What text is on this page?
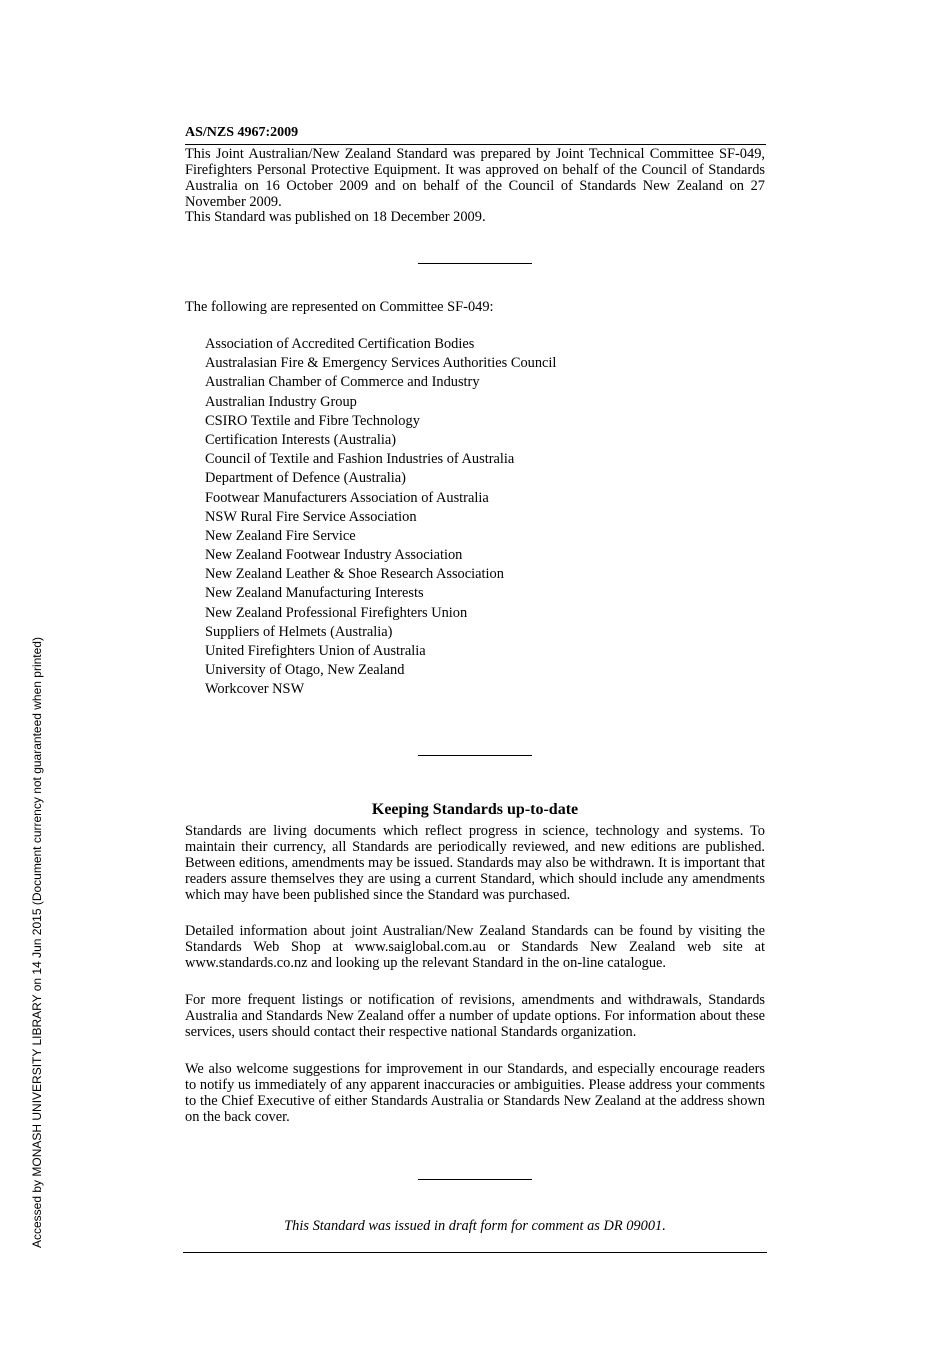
AS/NZS 4967:2009
This Joint Australian/New Zealand Standard was prepared by Joint Technical Committee SF-049, Firefighters Personal Protective Equipment. It was approved on behalf of the Council of Standards Australia on 16 October 2009 and on behalf of the Council of Standards New Zealand on 27 November 2009.
This Standard was published on 18 December 2009.
The following are represented on Committee SF-049:
Association of Accredited Certification Bodies
Australasian Fire & Emergency Services Authorities Council
Australian Chamber of Commerce and Industry
Australian Industry Group
CSIRO Textile and Fibre Technology
Certification Interests (Australia)
Council of Textile and Fashion Industries of Australia
Department of Defence (Australia)
Footwear Manufacturers Association of Australia
NSW Rural Fire Service Association
New Zealand Fire Service
New Zealand Footwear Industry Association
New Zealand Leather & Shoe Research Association
New Zealand Manufacturing Interests
New Zealand Professional Firefighters Union
Suppliers of Helmets (Australia)
United Firefighters Union of Australia
University of Otago, New Zealand
Workcover NSW
Keeping Standards up-to-date
Standards are living documents which reflect progress in science, technology and systems. To maintain their currency, all Standards are periodically reviewed, and new editions are published. Between editions, amendments may be issued. Standards may also be withdrawn. It is important that readers assure themselves they are using a current Standard, which should include any amendments which may have been published since the Standard was purchased.
Detailed information about joint Australian/New Zealand Standards can be found by visiting the Standards Web Shop at www.saiglobal.com.au or Standards New Zealand web site at www.standards.co.nz and looking up the relevant Standard in the on-line catalogue.
For more frequent listings or notification of revisions, amendments and withdrawals, Standards Australia and Standards New Zealand offer a number of update options. For information about these services, users should contact their respective national Standards organization.
We also welcome suggestions for improvement in our Standards, and especially encourage readers to notify us immediately of any apparent inaccuracies or ambiguities. Please address your comments to the Chief Executive of either Standards Australia or Standards New Zealand at the address shown on the back cover.
This Standard was issued in draft form for comment as DR 09001.
Accessed by MONASH UNIVERSITY LIBRARY on 14 Jun 2015 (Document currency not guaranteed when printed)
